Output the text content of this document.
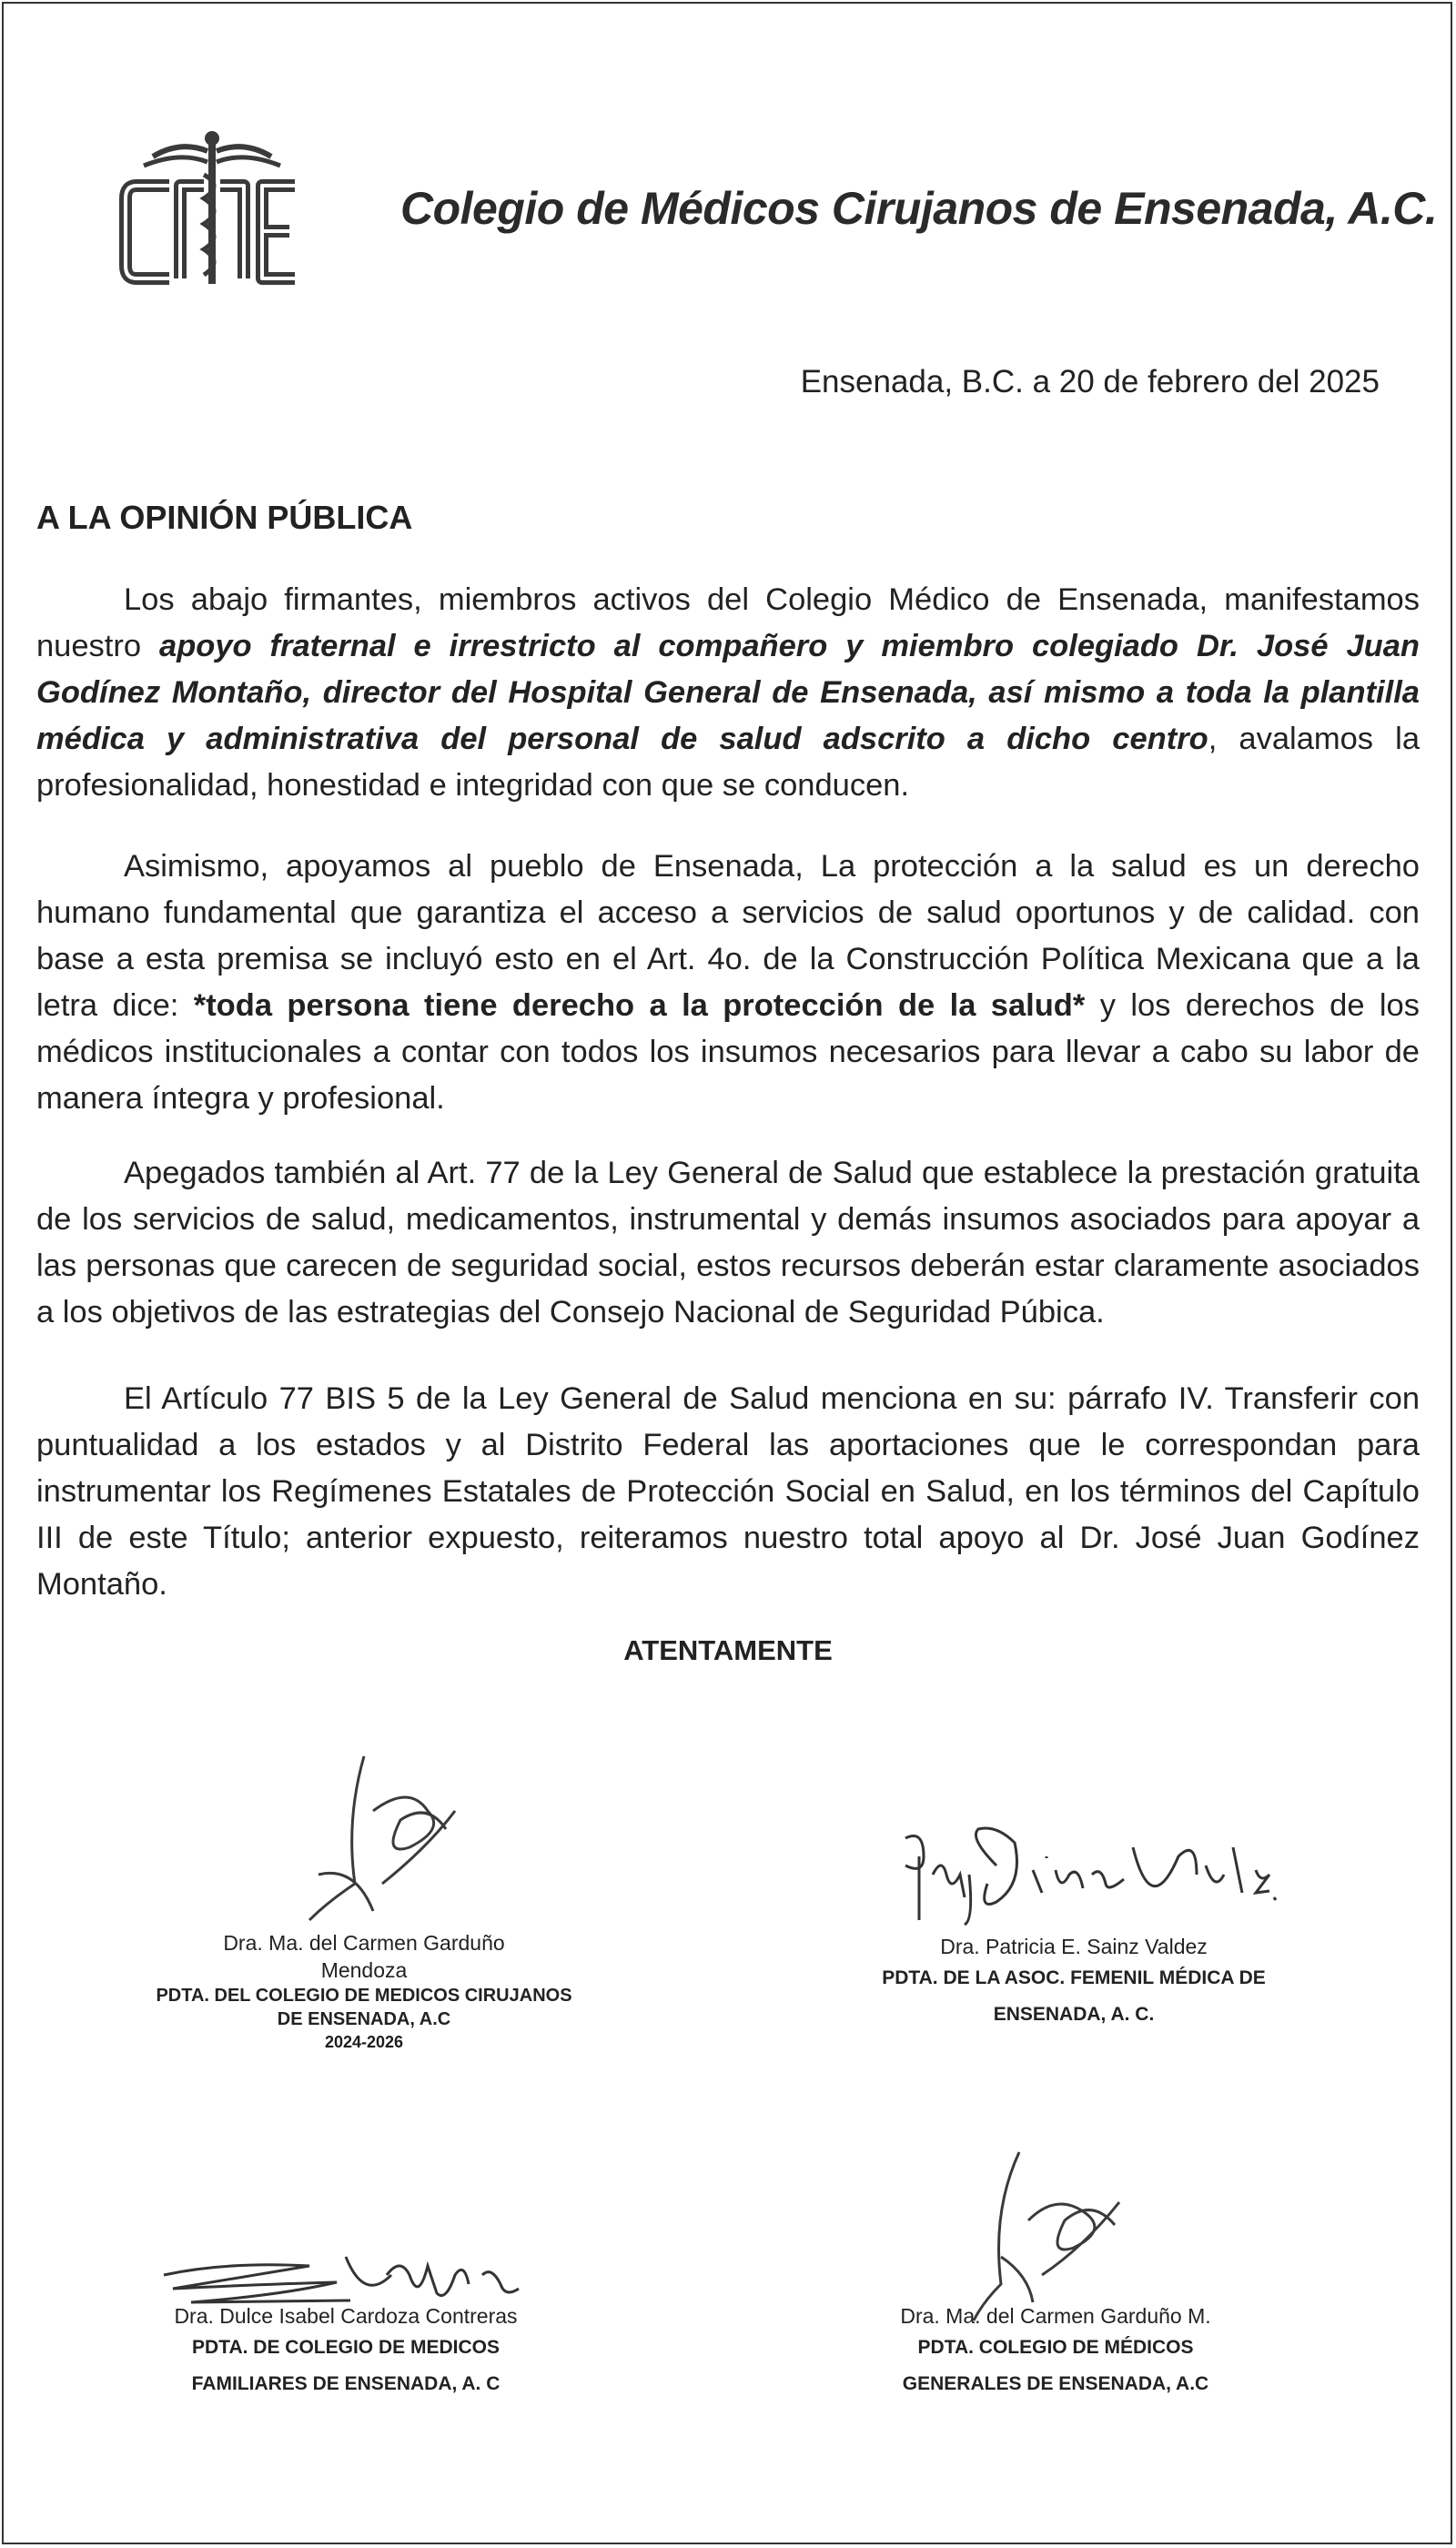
Colegio de Médicos Cirujanos de Ensenada, A.C.
Ensenada, B.C. a 20 de febrero del 2025
A LA OPINIÓN PÚBLICA

Los abajo firmantes, miembros activos del Colegio Médico de Ensenada, manifestamos nuestro apoyo fraternal e irrestricto al compañero y miembro colegiado Dr. José Juan Godínez Montaño, director del Hospital General de Ensenada, así mismo a toda la plantilla médica y administrativa del personal de salud adscrito a dicho centro, avalamos la profesionalidad, honestidad e integridad con que se conducen.

Asimismo, apoyamos al pueblo de Ensenada, La protección a la salud es un derecho humano fundamental que garantiza el acceso a servicios de salud oportunos y de calidad. con base a esta premisa se incluyó esto en el Art. 4o. de la Construcción Política Mexicana que a la letra dice: *toda persona tiene derecho a la protección de la salud* y los derechos de los médicos institucionales a contar con todos los insumos necesarios para llevar a cabo su labor de manera íntegra y profesional.

Apegados también al Art. 77 de la Ley General de Salud que establece la prestación gratuita de los servicios de salud, medicamentos, instrumental y demás insumos asociados para apoyar a las personas que carecen de seguridad social, estos recursos deberán estar claramente asociados a los objetivos de las estrategias del Consejo Nacional de Seguridad Púbica.

El Artículo 77 BIS 5 de la Ley General de Salud menciona en su: párrafo IV. Transferir con puntualidad a los estados y al Distrito Federal las aportaciones que le correspondan para instrumentar los Regímenes Estatales de Protección Social en Salud, en los términos del Capítulo III de este Título; anterior expuesto, reiteramos nuestro total apoyo al Dr. José Juan Godínez Montaño.

ATENTAMENTE
Dra. Ma. del Carmen Garduño
Mendoza
PDTA. DEL COLEGIO DE MEDICOS CIRUJANOS
DE ENSENADA, A.C
2024-2026
Dra. Patricia E. Sainz Valdez
PDTA. DE LA ASOC. FEMENIL MÉDICA DE
ENSENADA, A. C.
Dra. Dulce Isabel Cardoza Contreras
PDTA. DE COLEGIO DE MEDICOS
FAMILIARES DE ENSENADA, A. C
Dra. Ma. del Carmen Garduño M.
PDTA. COLEGIO DE MÉDICOS
GENERALES DE ENSENADA, A.C
